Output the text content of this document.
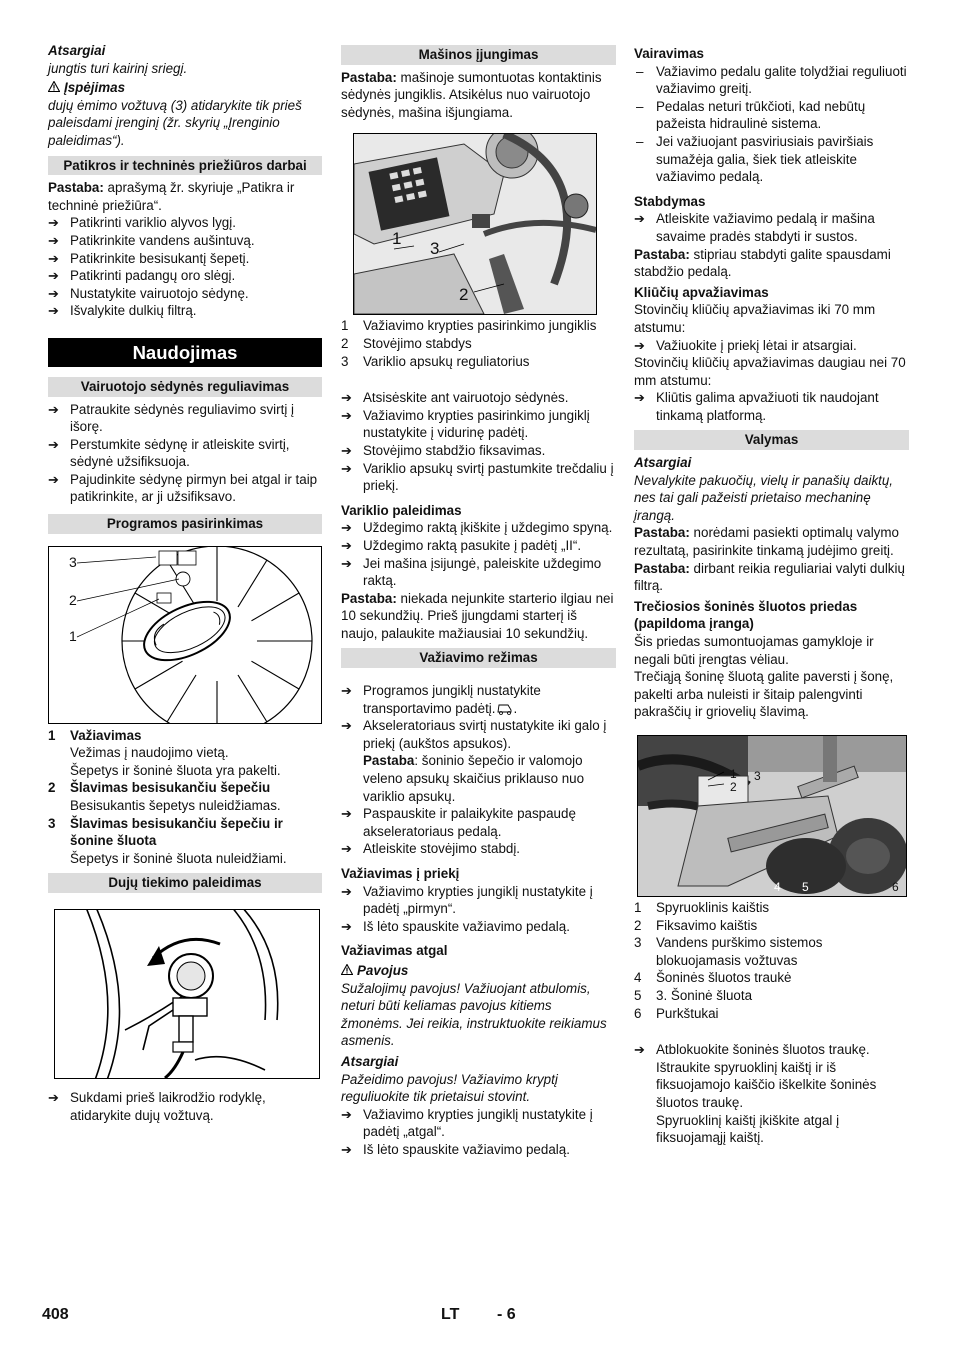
Atsargiai

jungtis turi kairinį sriegį.

Įspėjimas

dujų ėmimo vožtuvą (3) atidarykite tik prieš paleisdami įrenginį (žr. skyrių „Įrenginio paleidimas“).

Patikros ir techninės priežiūros darbai

Pastaba: aprašymą žr. skyriuje „Patikra ir techninė priežiūra“.

➔ Patikrinti variklio alyvos lygį.

➔ Patikrinkite vandens aušintuvą.

➔ Patikrinkite besisukantį šepetį.

➔ Patikrinti padangų oro slėgį.

➔ Nustatykite vairuotojo sėdynę.

➔ Išvalykite dulkių filtrą.

Naudojimas
Vairuotojo sėdynės reguliavimas

➔ Patraukite sėdynės reguliavimo svirtį į išorę.

➔ Perstumkite sėdynę ir atleiskite svirtį, sėdynė užsifiksuoja.

➔ Pajudinkite sėdynę pirmyn bei atgal ir taip patikrinkite, ar ji užsifiksavo.

Programos pasirinkimas
3
2
1
1	Važiavimas

Vežimas į naudojimo vietą.

Šepetys ir šoninė šluota yra pakelti.

2	Šlavimas besisukančiu šepečiu

Besisukantis šepetys nuleidžiamas.

3	Šlavimas besisukančiu šepečiu ir šonine šluota

Šepetys ir šoninė šluota nuleidžiami.

Dujų tiekimo paleidimas

➔ Sukdami prieš laikrodžio rodyklę, atidarykite dujų vožtuvą.

Mašinos įjungimas

Pastaba: mašinoje sumontuotas kontaktinis sėdynės jungiklis. Atsikėlus nuo vairuotojo sėdynės, mašina išjungiama.

1
3
2
1	Važiavimo krypties pasirinkimo jungiklis
2	Stovėjimo stabdys
3	Variklio apsukų reguliatorius

➔ Atsisėskite ant vairuotojo sėdynės.

➔ Važiavimo krypties pasirinkimo jungiklį nustatykite į vidurinę padėtį.

➔ Stovėjimo stabdžio fiksavimas.

➔ Variklio apsukų svirtį pastumkite trečdaliu į priekį.

Variklio paleidimas

➔ Uždegimo raktą įkiškite į uždegimo spyną.

➔ Uždegimo raktą pasukite į padėtį „II“.

➔ Jei mašina įsijungė, paleiskite uždegimo raktą.

Pastaba: niekada nejunkite starterio ilgiau nei 10 sekundžių. Prieš įjungdami starterį iš naujo, palaukite mažiausiai 10 sekundžių.

Važiavimo režimas

➔ Programos jungiklį nustatykite transportavimo padėtį. .

➔ Akseleratoriaus svirtį nustatykite iki galo į priekį (aukštos apsukos).

Pastaba: šoninio šepečio ir valomojo veleno apsukų skaičius priklauso nuo variklio apsukų.

➔ Paspauskite ir palaikykite paspaudę akseleratoriaus pedalą.

➔ Atleiskite stovėjimo stabdį.

Važiavimas į priekį

➔ Važiavimo krypties jungiklį nustatykite į padėtį „pirmyn“.

➔ Iš lėto spauskite važiavimo pedalą.

Važiavimas atgal

Pavojus

Sužalojimų pavojus! Važiuojant atbulomis, neturi būti keliamas pavojus kitiems žmonėms. Jei reikia, instruktuokite reikiamus asmenis.

Atsargiai

Pažeidimo pavojus! Važiavimo kryptį reguliuokite tik prietaisui stovint.

➔ Važiavimo krypties jungiklį nustatykite į padėtį „atgal“.

➔ Iš lėto spauskite važiavimo pedalą.

Vairavimas

– Važiavimo pedalu galite tolydžiai reguliuoti važiavimo greitį.

– Pedalas neturi trūkčioti, kad nebūtų pažeista hidraulinė sistema.

– Jei važiuojant pasviriusiais paviršiais sumažėja galia, šiek tiek atleiskite važiavimo pedalą.

Stabdymas

➔ Atleiskite važiavimo pedalą ir mašina savaime pradės stabdyti ir sustos.

Pastaba: stipriau stabdyti galite spausdami stabdžio pedalą.

Kliūčių apvažiavimas

Stovinčių kliūčių apvažiavimas iki 70 mm atstumu:

➔ Važiuokite į priekį lėtai ir atsargiai.

Stovinčių kliūčių apvažiavimas daugiau nei 70 mm atstumu:

➔ Kliūtis galima apvažiuoti tik naudojant tinkamą platformą.

Valymas

Atsargiai

Nevalykite pakuočių, vielų ir panašių daiktų, nes tai gali pažeisti prietaiso mechaninę įrangą.

Pastaba: norėdami pasiekti optimalų valymo rezultatą, pasirinkite tinkamą judėjimo greitį.

Pastaba: dirbant reikia reguliariai valyti dulkių filtrą.

Trečiosios šoninės šluotos priedas (papildoma įranga)

Šis priedas sumontuojamas gamykloje ir negali būti įrengtas vėliau.

Trečiąją šoninę šluotą galite paversti į šonę, pakelti arba nuleisti ir šitaip palengvinti pakraščių ir griovelių šlavimą.

1
2
3
4 5	6
1	Spyruoklinis kaištis
2	Fiksavimo kaištis
3	Vandens purškimo sistemos blokuojamasis vožtuvas
4	Šoninės šluotos traukė
5	3. Šoninė šluota
6	Purkštukai

➔ Atblokuokite šoninės šluotos traukę. Ištraukite spyruoklinį kaištį ir iš fiksuojamojo kaiščio iškelkite šoninės šluotos traukę.

Spyruoklinį kaištį įkiškite atgal į fiksuojamąjį kaištį.

408	LT - 6
